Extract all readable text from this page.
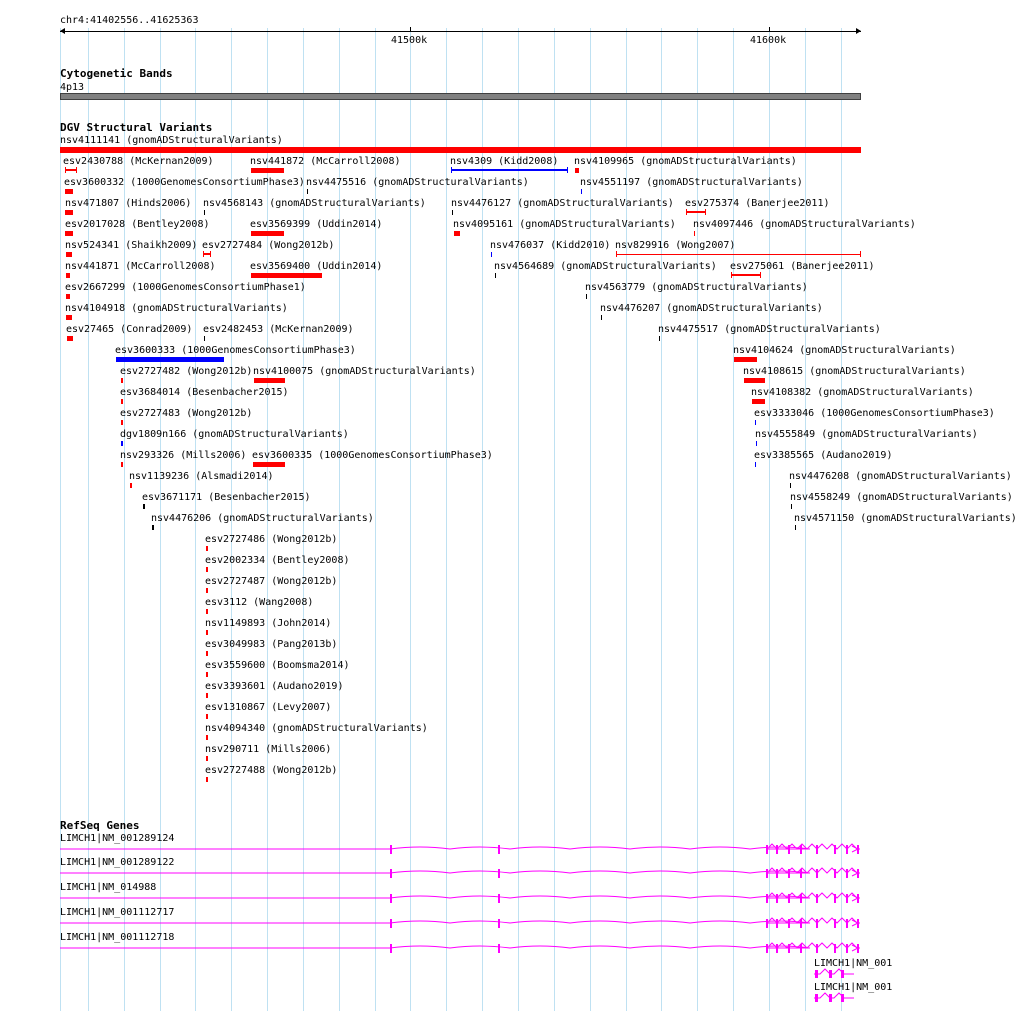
chr4:41402556..41625363
41500k	41600k
Cytogenetic Bands
4p13
DGV Structural Variants
nsv4111141 (gnomADStructuralVariants)
esv2430788 (McKernan2009)	nsv441872 (McCarroll2008)	nsv4309 (Kidd2008) nsv4109965 (gnomADStructuralVariants)
esv3600332 (1000GenomesConsortiumPhase3) nsv4475516 (gnomADStructuralVariants)	nsv4551197 (gnomADStructuralVariants)
nsv471807 (Hinds2006) nsv4568143 (gnomADStructuralVariants)	nsv4476127 (gnomADStructuralVariants) esv275374 (Banerjee2011)
esv2017028 (Bentley2008)	esv3569399 (Uddin2014)	nsv4095161 (gnomADStructuralVariants) nsv4097446 (gnomADStructuralVariants)
nsv524341 (Shaikh2009) esv2727484 (Wong2012b)	nsv476037 (Kidd2010) nsv829916 (Wong2007)
nsv441871 (McCarroll2008)	esv3569400 (Uddin2014)	nsv4564689 (gnomADStructuralVariants) esv275061 (Banerjee2011)
esv2667299 (1000GenomesConsortiumPhase1)	nsv4563779 (gnomADStructuralVariants)
nsv4104918 (gnomADStructuralVariants)	nsv4476207 (gnomADStructuralVariants)
esv27465 (Conrad2009) esv2482453 (McKernan2009)	nsv4475517 (gnomADStructuralVariants)
esv3600333 (1000GenomesConsortiumPhase3)	nsv4104624 (gnomADStructuralVariants)
esv2727482 (Wong2012b) nsv4100075 (gnomADStructuralVariants)	nsv4108615 (gnomADStructuralVariants)
esv3684014 (Besenbacher2015)	nsv4108382 (gnomADStructuralVariants)
esv2727483 (Wong2012b)	esv3333046 (1000GenomesConsortiumPhase3)
dgv1809n166 (gnomADStructuralVariants)	nsv4555849 (gnomADStructuralVariants)
nsv293326 (Mills2006) esv3600335 (1000GenomesConsortiumPhase3)	esv3385565 (Audano2019)
nsv1139236 (Alsmadi2014)	nsv4476208 (gnomADStructuralVariants)
esv3671171 (Besenbacher2015)	nsv4558249 (gnomADStructuralVariants)
nsv4476206 (gnomADStructuralVariants)	nsv4571150 (gnomADStructuralVariants)
esv2727486 (Wong2012b)
esv2002334 (Bentley2008)
esv2727487 (Wong2012b)
esv3112 (Wang2008)
nsv1149893 (John2014)
esv3049983 (Pang2013b)
esv3559600 (Boomsma2014)
esv3393601 (Audano2019)
esv1310867 (Levy2007)
nsv4094340 (gnomADStructuralVariants)
nsv290711 (Mills2006)
esv2727488 (Wong2012b)
RefSeq Genes
LIMCH1|NM_001289124
LIMCH1|NM_001289122
LIMCH1|NM_014988
LIMCH1|NM_001112717
LIMCH1|NM_001112718
LIMCH1|NM_001
LIMCH1|NM_001
